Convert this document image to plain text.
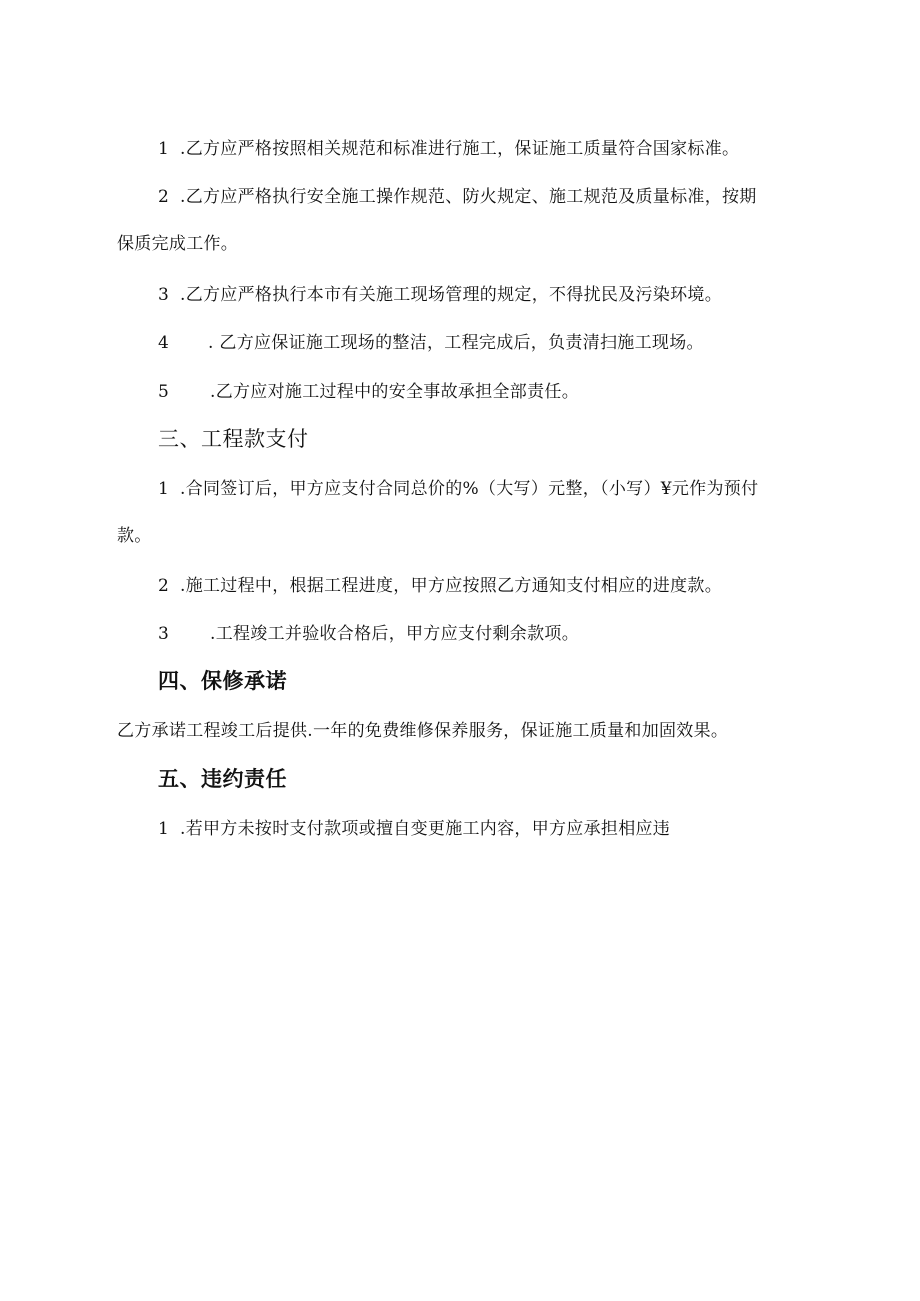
1 .乙方应严格按照相关规范和标准进行施工，保证施工质量符合国家标准。
2 .乙方应严格执行安全施工操作规范、防火规定、施工规范及质量标准，按期
保质完成工作。
3 .乙方应严格执行本市有关施工现场管理的规定，不得扰民及污染环境。
4 . 乙方应保证施工现场的整洁，工程完成后，负责清扫施工现场。
5 .乙方应对施工过程中的安全事故承担全部责任。
三、工程款支付
1 .合同签订后，甲方应支付合同总价的%（大写）元整，（小写）¥元作为预付
款。
2 .施工过程中，根据工程进度，甲方应按照乙方通知支付相应的进度款。
3 .工程竣工并验收合格后，甲方应支付剩余款项。
四、保修承诺
乙方承诺工程竣工后提供.一年的免费维修保养服务，保证施工质量和加固效果。
五、违约责任
1 .若甲方未按时支付款项或擅自变更施工内容，甲方应承担相应违
